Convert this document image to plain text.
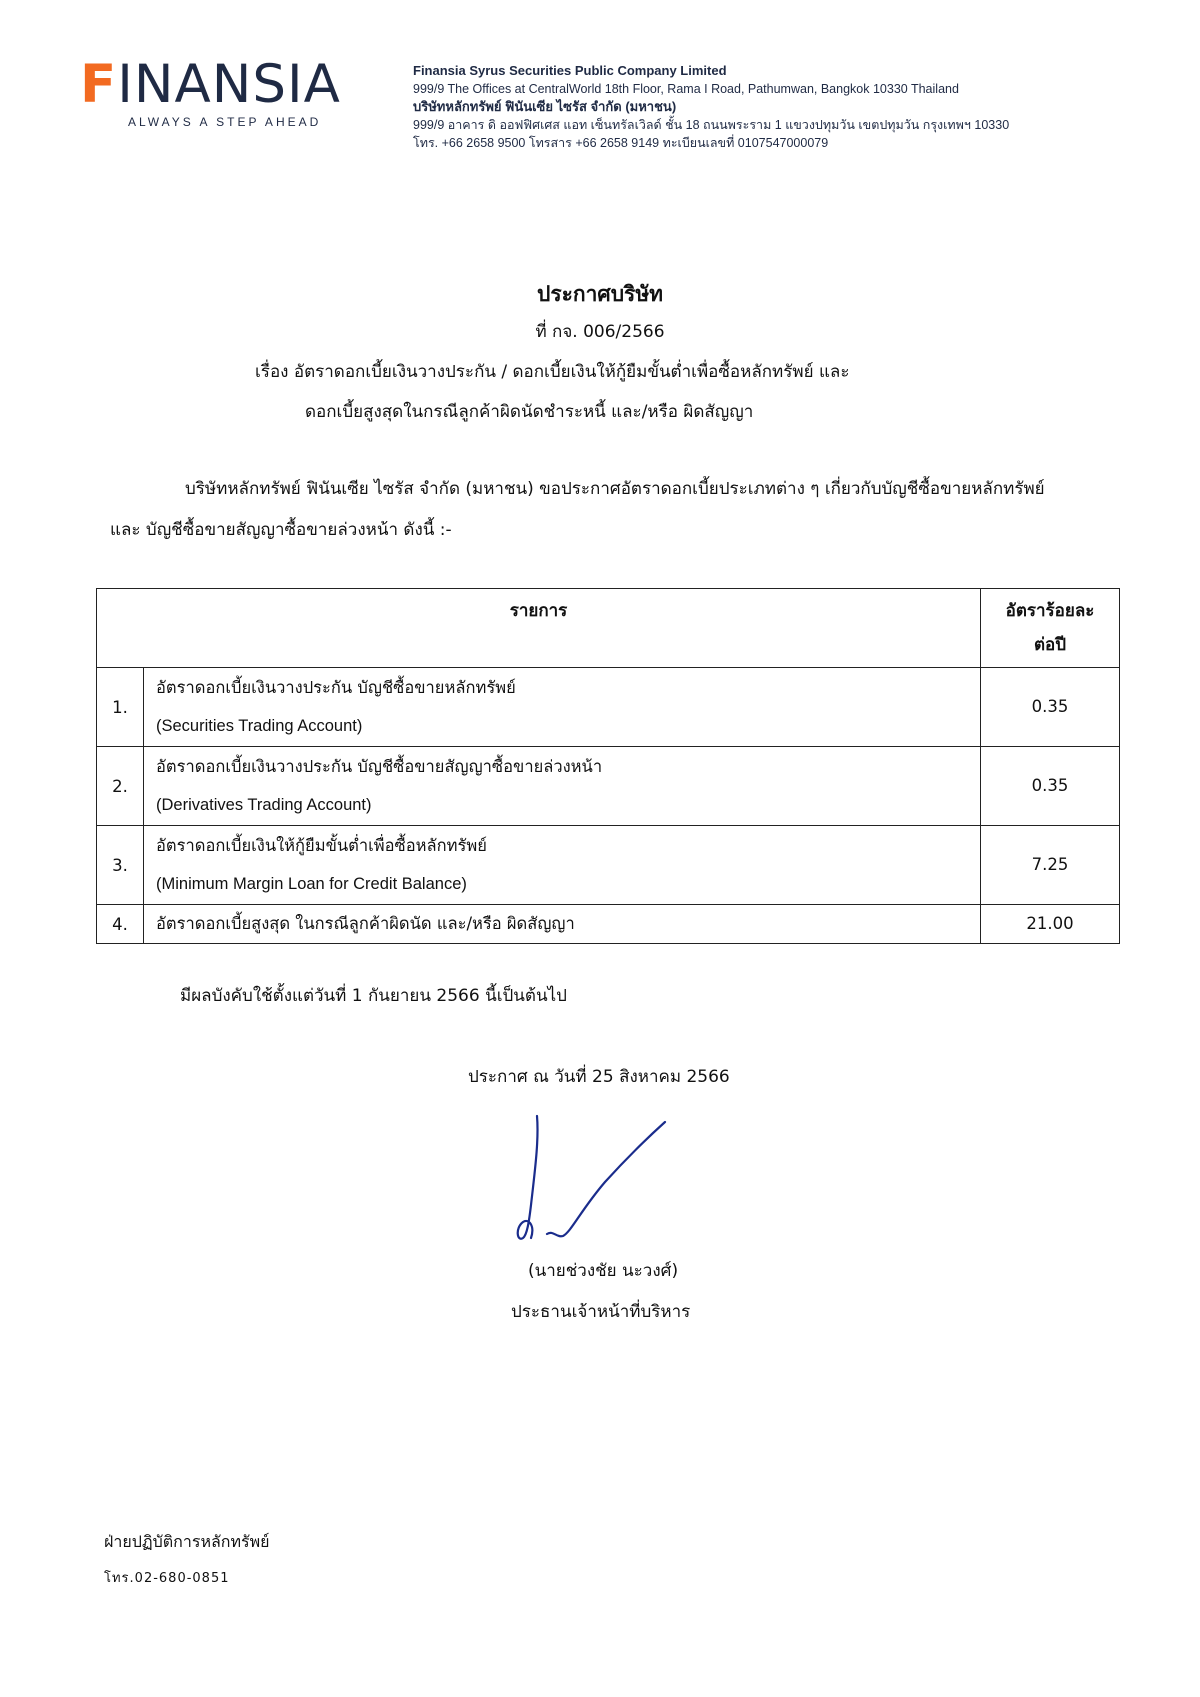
FINANSIA
ALWAYS A STEP AHEAD
Finansia Syrus Securities Public Company Limited
999/9 The Offices at CentralWorld 18th Floor, Rama I Road, Pathumwan, Bangkok 10330 Thailand
บริษัทหลักทรัพย์ ฟินันเซีย ไซรัส จำกัด (มหาชน)
999/9 อาคาร ดิ ออฟฟิศเศส แอท เซ็นทรัลเวิลด์ ชั้น 18 ถนนพระราม 1 แขวงปทุมวัน เขตปทุมวัน กรุงเทพฯ 10330
โทร. +66 2658 9500 โทรสาร +66 2658 9149 ทะเบียนเลขที่ 0107547000079
ประกาศบริษัท
ที่ กจ. 006/2566
เรื่อง อัตราดอกเบี้ยเงินวางประกัน / ดอกเบี้ยเงินให้กู้ยืมขั้นต่ำเพื่อซื้อหลักทรัพย์ และ
ดอกเบี้ยสูงสุดในกรณีลูกค้าผิดนัดชำระหนี้ และ/หรือ ผิดสัญญา
บริษัทหลักทรัพย์ ฟินันเซีย ไซรัส จำกัด (มหาชน) ขอประกาศอัตราดอกเบี้ยประเภทต่าง ๆ เกี่ยวกับบัญชีซื้อขายหลักทรัพย์
และ บัญชีซื้อขายสัญญาซื้อขายล่วงหน้า ดังนี้ :-
รายการ		อัตราร้อยละ
ต่อปี

1.	อัตราดอกเบี้ยเงินวางประกัน บัญชีซื้อขายหลักทรัพย์
(Securities Trading Account)	0.35
2.	อัตราดอกเบี้ยเงินวางประกัน บัญชีซื้อขายสัญญาซื้อขายล่วงหน้า
(Derivatives Trading Account)	0.35
3.	อัตราดอกเบี้ยเงินให้กู้ยืมขั้นต่ำเพื่อซื้อหลักทรัพย์
(Minimum Margin Loan for Credit Balance)	7.25
4.	อัตราดอกเบี้ยสูงสุด ในกรณีลูกค้าผิดนัด และ/หรือ ผิดสัญญา	21.00
มีผลบังคับใช้ตั้งแต่วันที่ 1 กันยายน 2566 นี้เป็นต้นไป
ประกาศ ณ วันที่ 25 สิงหาคม 2566
(นายช่วงชัย นะวงศ์)
ประธานเจ้าหน้าที่บริหาร
ฝ่ายปฏิบัติการหลักทรัพย์
โทร.02-680-0851
